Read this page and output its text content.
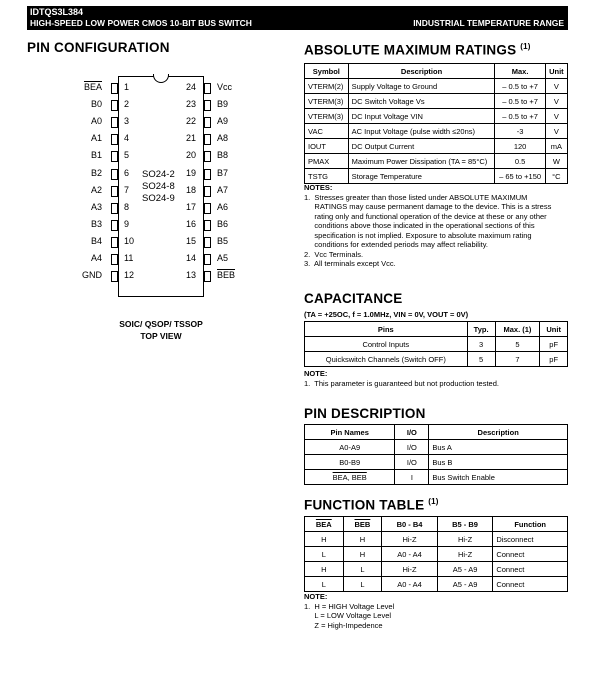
IDTQS3L384
HIGH-SPEED LOW POWER CMOS 10-BIT BUS SWITCH	INDUSTRIAL TEMPERATURE RANGE
PIN CONFIGURATION
1
$\overline{BEA}$
2
B0
3
A0
4
A1
5
B1
6
B2
7
A2
8
A3
9
B3
10
B4
11
A4
12
GND
24 Vcc
23 B9
22 A9
21 A8
20 B8
19 B7
18 A7
17 A6
16 B6
15 B5
14 A5
13 $\overline{BEB}$
SO24-2
SO24-8
SO24-9
SOIC/ QSOP/ TSSOP
TOP VIEW
ABSOLUTE MAXIMUM RATINGS $^{(1)}$
Symbol	Description	Max.	Unit
VTERM(2)	Supply Voltage to Ground	– 0.5 to +7	V
VTERM(3)	DC Switch Voltage Vs	– 0.5 to +7	V
VTERM(3)	DC Input Voltage VIN	– 0.5 to +7	V
VAC	AC Input Voltage (pulse width ≤20ns)	-3	V
IOUT	DC Output Current	120	mA
PMAX	Maximum Power Dissipation (TA = 85°C)	0.5	W
TSTG	Storage Temperature	– 65 to +150	°C
NOTES:
1.  Stresses greater than those listed under ABSOLUTE MAXIMUM
RATINGS may cause permanent damage to the device. This is a stress
rating only and functional operation of the device at these or any other
conditions above those indicated in the operational sections of this
specification is not implied. Exposure to absolute maximum rating
conditions for extended periods may affect reliability.
2.  Vcc Terminals.
3.  All terminals except Vcc.
CAPACITANCE
(TA = +25OC, f = 1.0MHz, VIN = 0V, VOUT = 0V)
Pins	Typ.	Max. (1)	Unit
Control Inputs	3	5	pF
Quickswitch Channels (Switch OFF)	5	7	pF
NOTE:
1.  This parameter is guaranteed but not production tested.
PIN DESCRIPTION
Pin Names	I/O	Description
A0-A9	I/O	Bus A
B0-B9	I/O	Bus B
BEA, BEB	I	Bus Switch Enable
FUNCTION TABLE $^{(1)}$
$\overline{BEA}$	$\overline{BEB}$	B0 - B4	B5 - B9	Function
H	H	Hi-Z	Hi-Z	Disconnect
L	H	A0 - A4	Hi-Z	Connect
H	L	Hi-Z	A5 - A9	Connect
L	L	A0 - A4	A5 - A9	Connect
NOTE:
1.  H = HIGH Voltage Level
L = LOW Voltage Level
Z = High-Impedence
